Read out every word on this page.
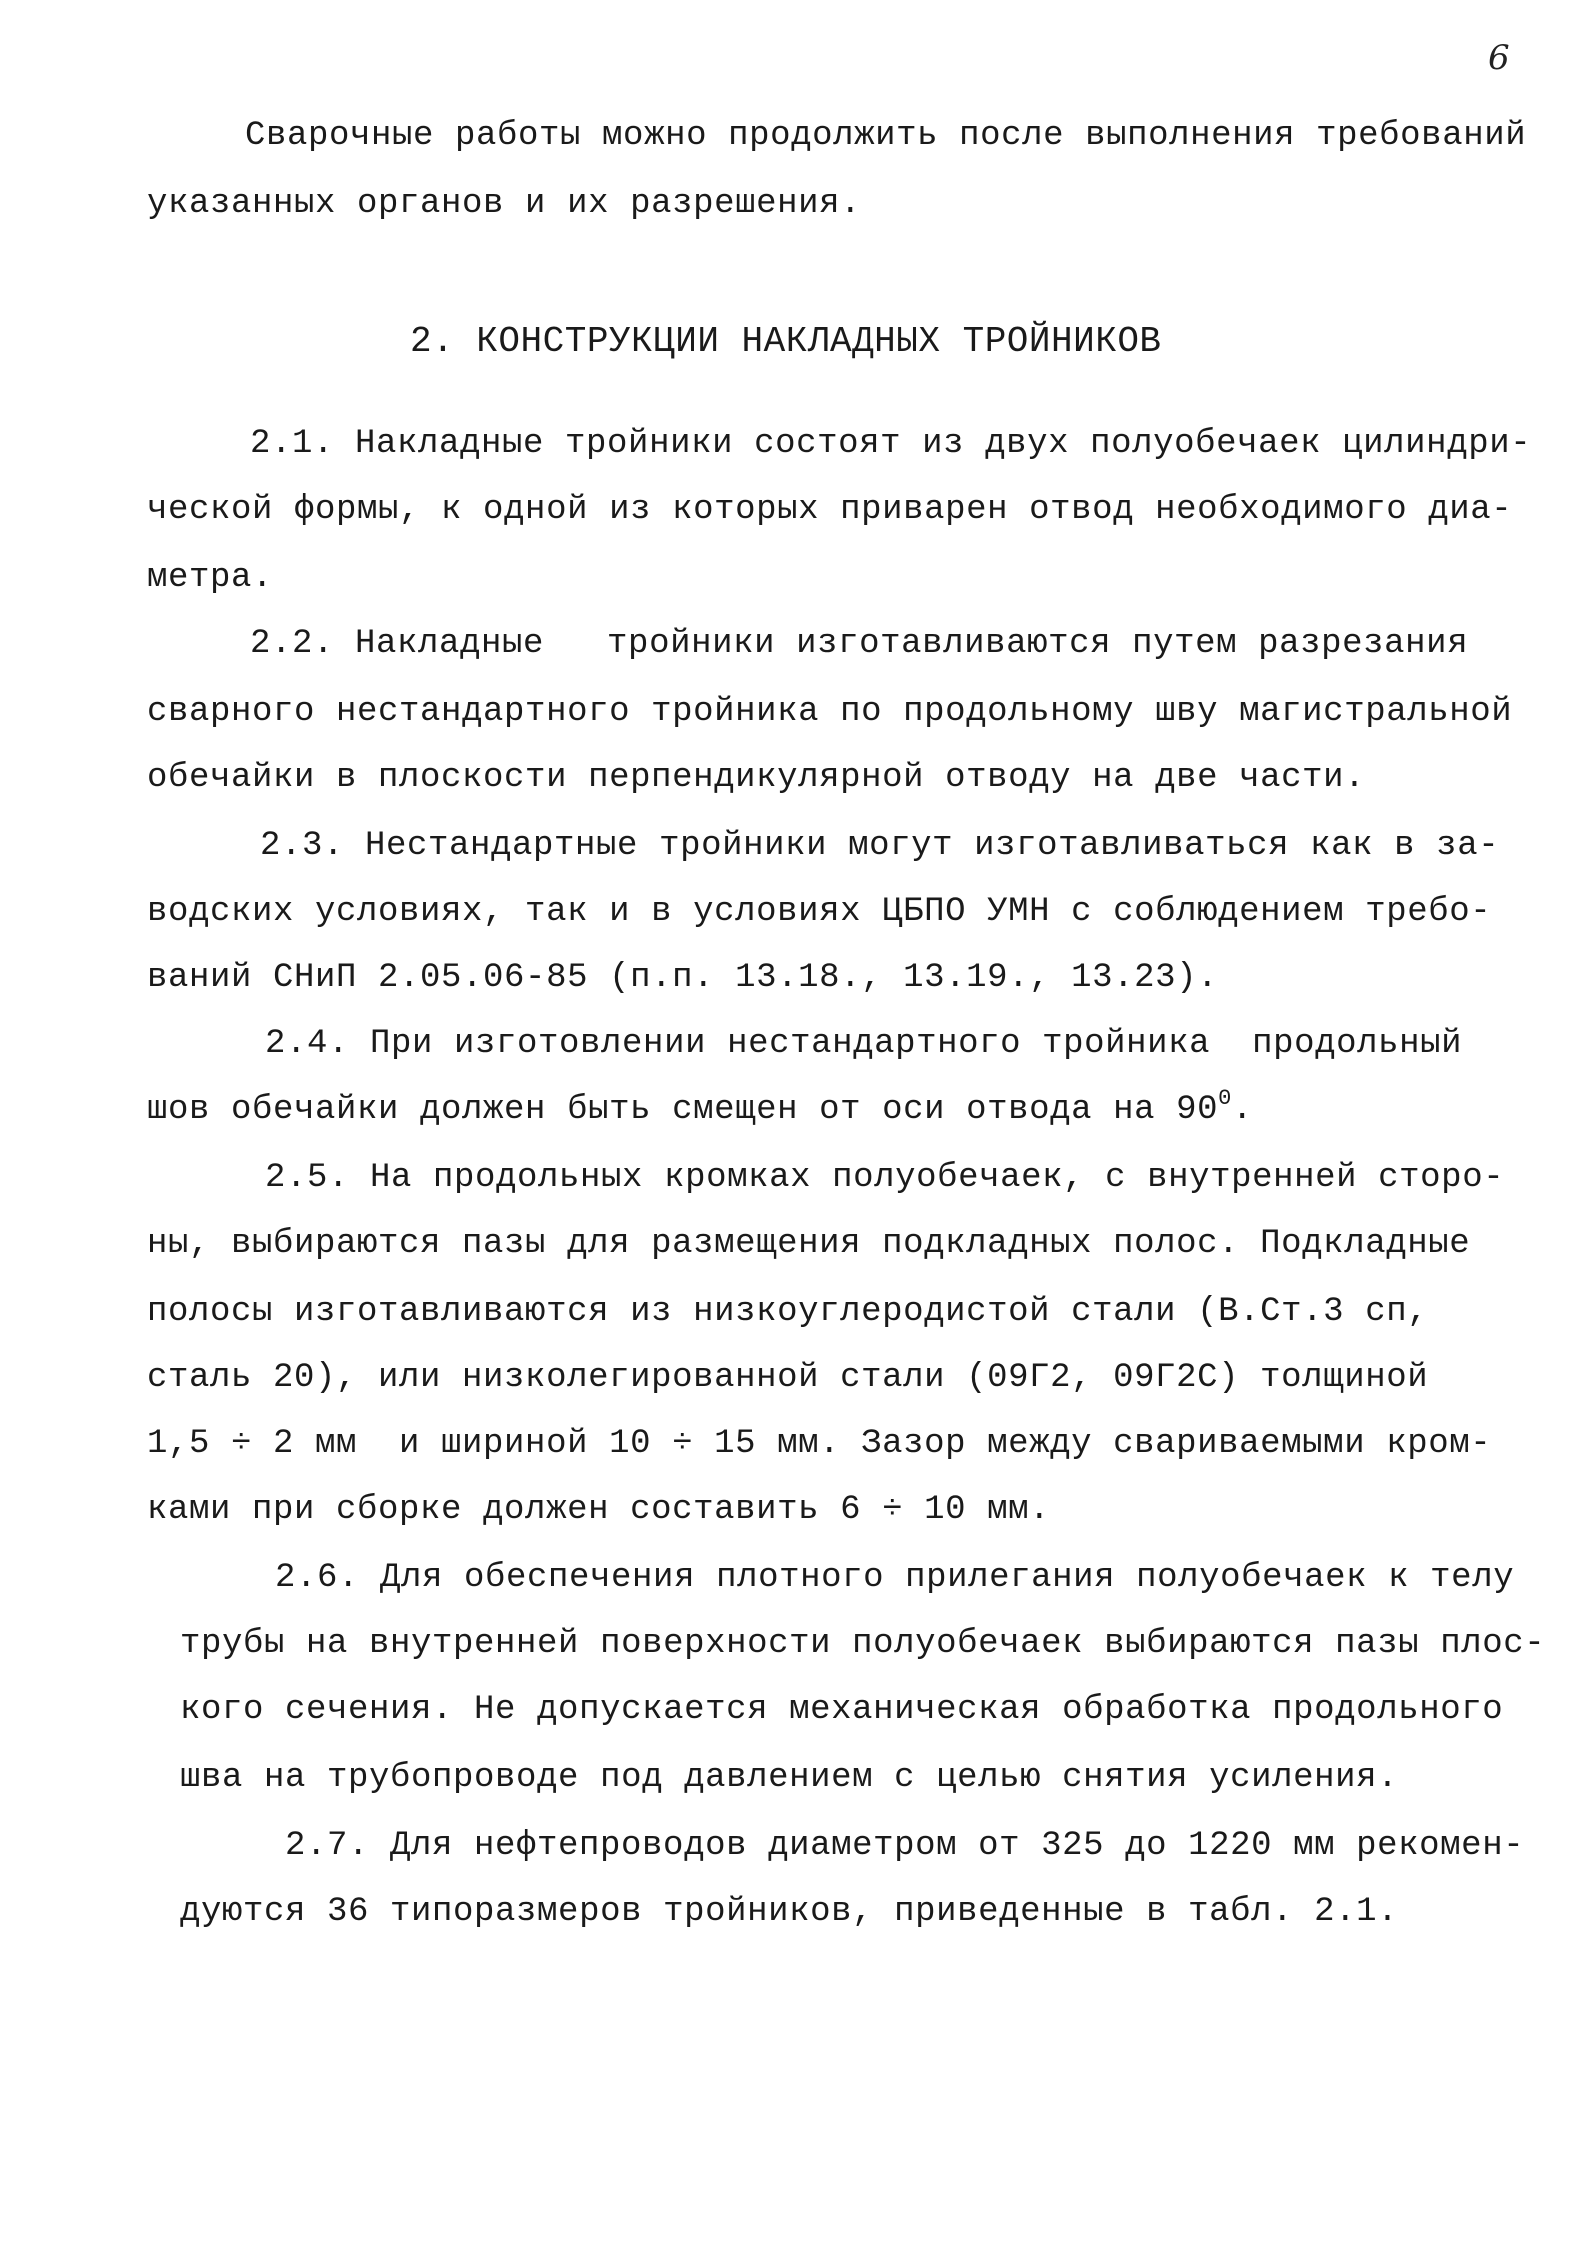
6
Сварочные работы можно продолжить после выполнения требований
указанных органов и их разрешения.
2. КОНСТРУКЦИИ НАКЛАДНЫХ ТРОЙНИКОВ
2.1. Накладные тройники состоят из двух полуобечаек цилиндри-
ческой формы, к одной из которых приварен отвод необходимого диа-
метра.
2.2. Накладные   тройники изготавливаются путем разрезания
сварного нестандартного тройника по продольному шву магистральной
обечайки в плоскости перпендикулярной отводу на две части.
2.3. Нестандартные тройники могут изготавливаться как в за-
водских условиях, так и в условиях ЦБПО УМН с соблюдением требо-
ваний СНиП 2.05.06-85 (п.п. 13.18., 13.19., 13.23).
2.4. При изготовлении нестандартного тройника  продольный
шов обечайки должен быть смещен от оси отвода на $90^0$.
2.5. На продольных кромках полуобечаек, с внутренней сторо-
ны, выбираются пазы для размещения подкладных полос. Подкладные
полосы изготавливаются из низкоуглеродистой стали (В.Ст.3 сп,
сталь 20), или низколегированной стали (09Г2, 09Г2С) толщиной
1,5 ÷ 2 мм  и шириной 10 ÷ 15 мм. Зазор между свариваемыми кром-
ками при сборке должен составить 6 ÷ 10 мм.
2.6. Для обеспечения плотного прилегания полуобечаек к телу
трубы на внутренней поверхности полуобечаек выбираются пазы плос-
кого сечения. Не допускается механическая обработка продольного
шва на трубопроводе под давлением с целью снятия усиления.
2.7. Для нефтепроводов диаметром от 325 до 1220 мм рекомен-
дуются 36 типоразмеров тройников, приведенные в табл. 2.1.
